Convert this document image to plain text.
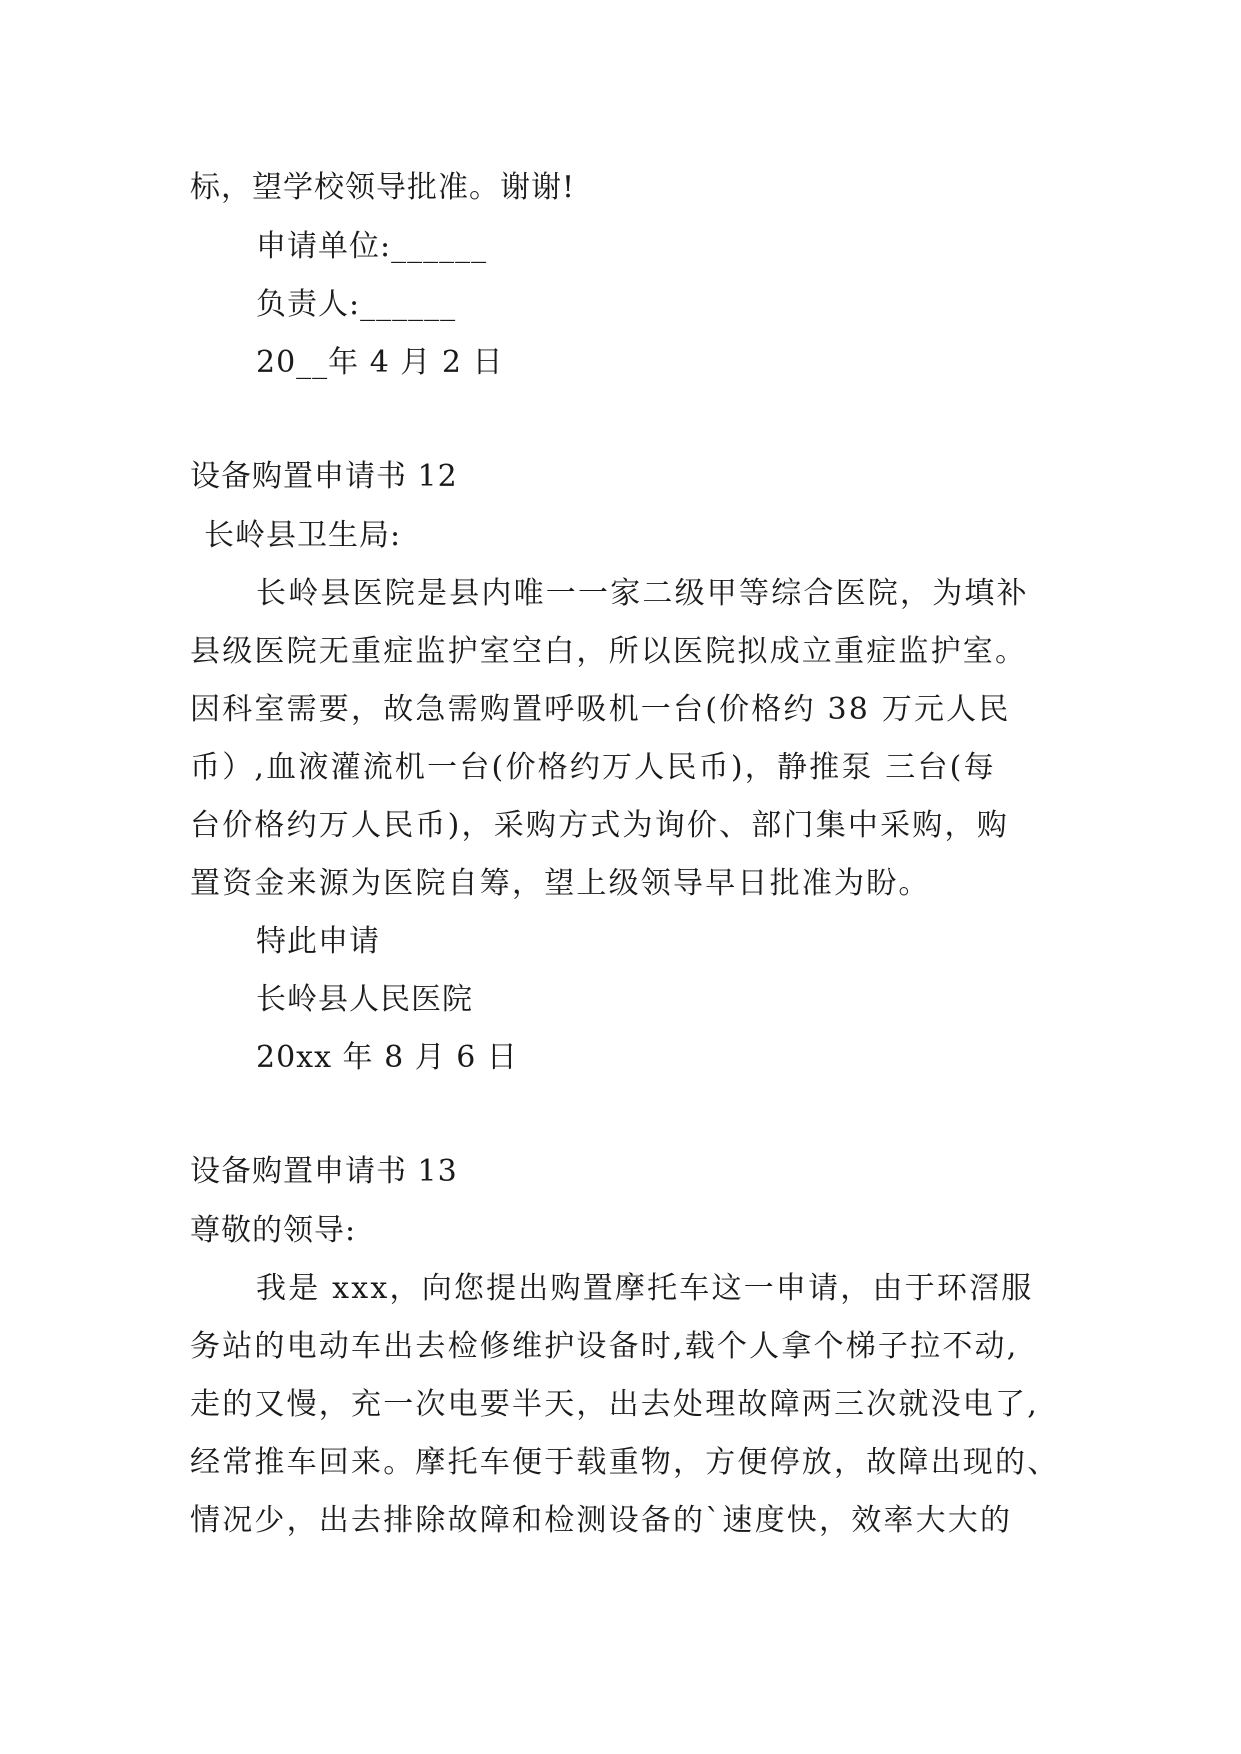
标，望学校领导批准。谢谢!
申请单位:______
负责人:______
20__年 4 月 2 日
设备购置申请书 12
长岭县卫生局:
长岭县医院是县内唯一一家二级甲等综合医院，为填补
县级医院无重症监护室空白，所以医院拟成立重症监护室。
因科室需要，故急需购置呼吸机一台(价格约 38 万元人民
币）,血液灌流机一台(价格约万人民币)，静推泵 三台(每
台价格约万人民币)，采购方式为询价、部门集中采购，购
置资金来源为医院自筹，望上级领导早日批准为盼。
特此申请
长岭县人民医院
20xx 年 8 月 6 日
设备购置申请书 13
尊敬的领导:
我是 xxx，向您提出购置摩托车这一申请，由于环滘服
务站的电动车出去检修维护设备时,载个人拿个梯子拉不动,
走的又慢，充一次电要半天，出去处理故障两三次就没电了,
经常推车回来。摩托车便于载重物，方便停放，故障出现的、
情况少，出去排除故障和检测设备的`速度快，效率大大的
